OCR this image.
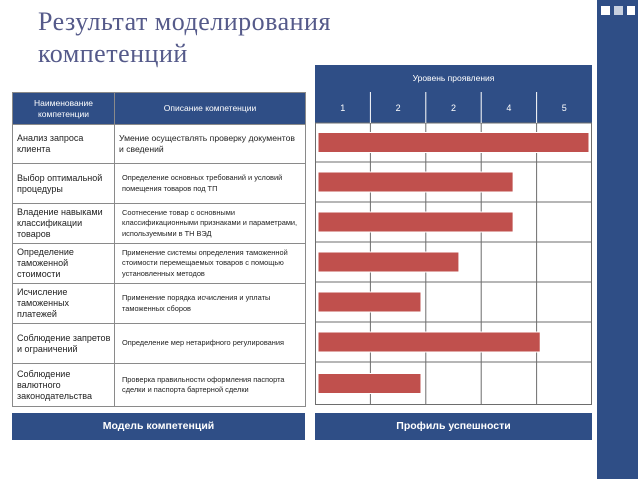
Результат моделирования компетенций
Наименование компетенции	Описание компетенции
Анализ запроса клиента	Умение осуществлять проверку документов и сведений
Выбор оптимальной процедуры	Определение основных требований и условий помещения товаров под ТП
Владение навыками классификации товаров	Соотнесение товар с основными классификационными признаками и параметрами, используемыми в ТН ВЭД
Определение таможенной стоимости	Применение системы определения таможенной стоимости перемещаемых товаров с помощью установленных методов
Исчисление таможенных платежей	Применение порядка исчисления и уплаты таможенных сборов
Соблюдение запретов и ограничений	Определение мер нетарифного регулирования
Соблюдение валютного законодательства	Проверка правильности оформления паспорта сделки и паспорта бартерной сделки
Уровень проявления
1	2	2	4	5
Модель компетенций	Профиль успешности
